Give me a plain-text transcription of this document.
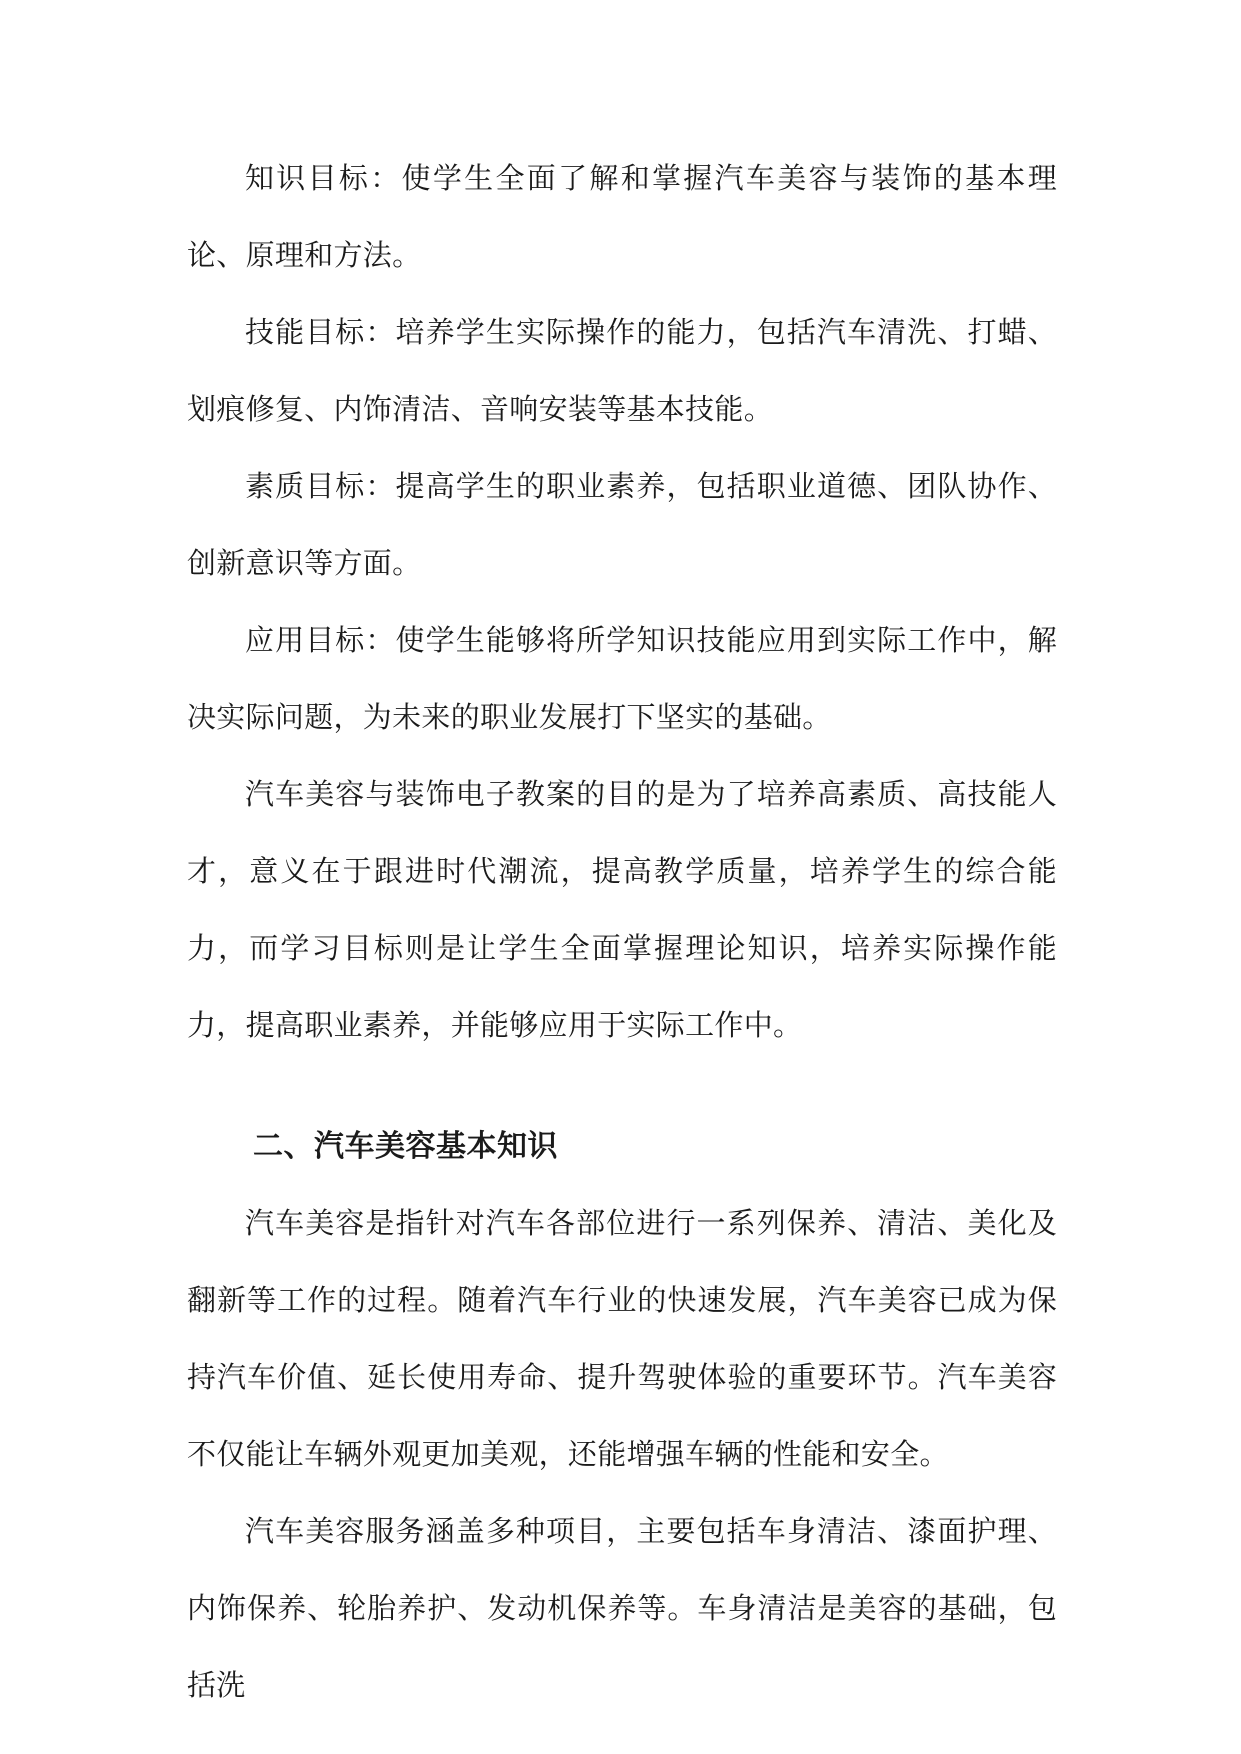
知识目标：使学生全面了解和掌握汽车美容与装饰的基本理论、原理和方法。

技能目标：培养学生实际操作的能力，包括汽车清洗、打蜡、划痕修复、内饰清洁、音响安装等基本技能。

素质目标：提高学生的职业素养，包括职业道德、团队协作、创新意识等方面。

应用目标：使学生能够将所学知识技能应用到实际工作中，解决实际问题，为未来的职业发展打下坚实的基础。

汽车美容与装饰电子教案的目的是为了培养高素质、高技能人才，意义在于跟进时代潮流，提高教学质量，培养学生的综合能力，而学习目标则是让学生全面掌握理论知识，培养实际操作能力，提高职业素养，并能够应用于实际工作中。

二、汽车美容基本知识

汽车美容是指针对汽车各部位进行一系列保养、清洁、美化及翻新等工作的过程。随着汽车行业的快速发展，汽车美容已成为保持汽车价值、延长使用寿命、提升驾驶体验的重要环节。汽车美容不仅能让车辆外观更加美观，还能增强车辆的性能和安全。

汽车美容服务涵盖多种项目，主要包括车身清洁、漆面护理、内饰保养、轮胎养护、发动机保养等。车身清洁是美容的基础，包括洗
